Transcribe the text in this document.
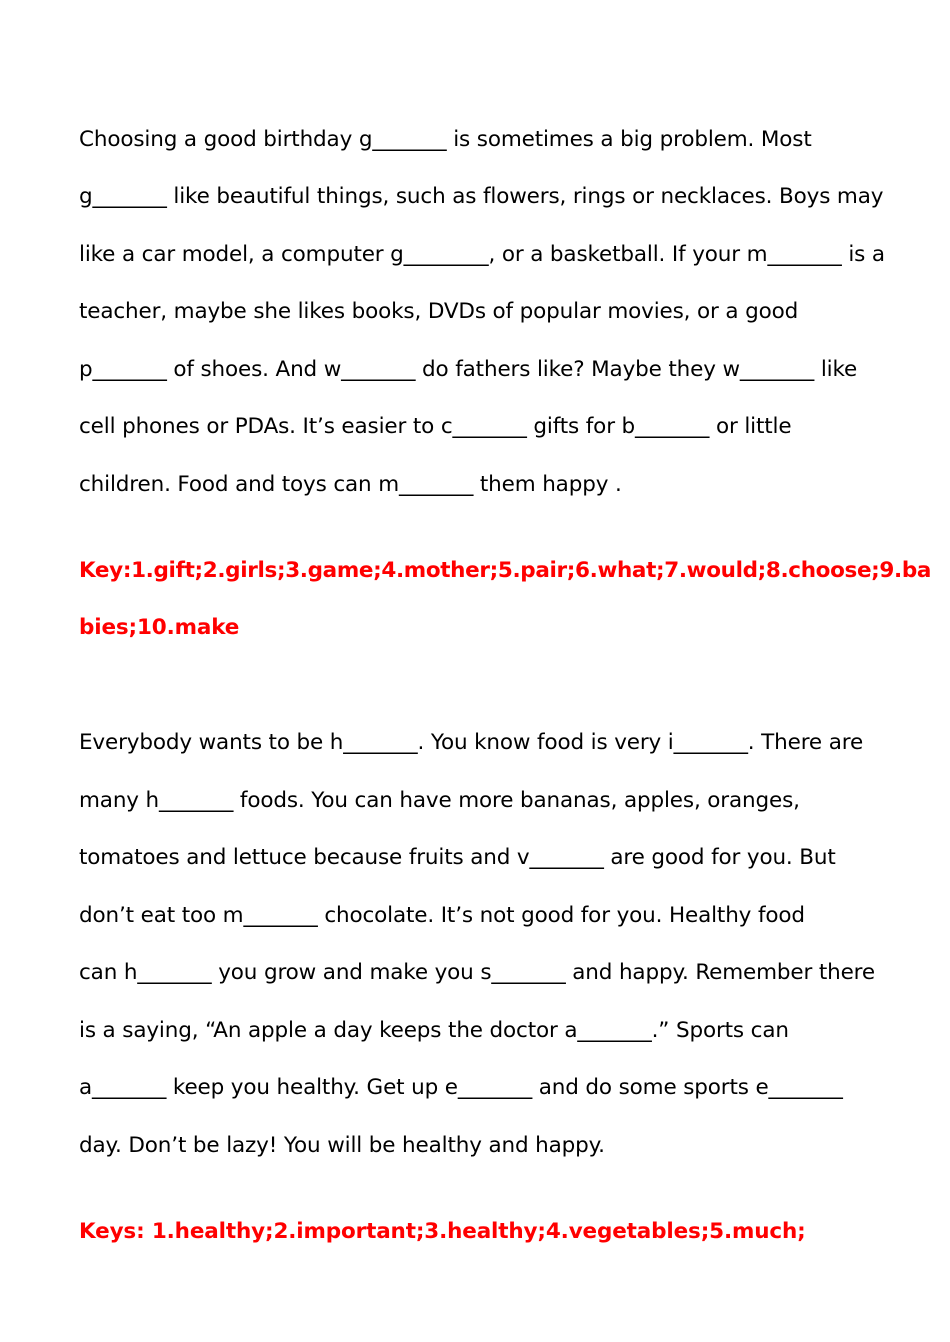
Choosing a good birthday g_______ is sometimes a big problem. Most
g_______ like beautiful things, such as flowers, rings or necklaces. Boys may
like a car model, a computer g________, or a basketball. If your m_______ is a
teacher, maybe she likes books, DVDs of popular movies, or a good
p_______ of shoes. And w_______ do fathers like? Maybe they w_______ like
cell phones or PDAs. It’s easier to c_______ gifts for b_______ or little
children. Food and toys can m_______ them happy .
Key:1.gift;2.girls;3.game;4.mother;5.pair;6.what;7.would;8.choose;9.ba
bies;10.make
Everybody wants to be h_______. You know food is very i_______. There are
many h_______ foods. You can have more bananas, apples, oranges,
tomatoes and lettuce because fruits and v_______ are good for you. But
don’t eat too m_______ chocolate. It’s not good for you. Healthy food
can h_______ you grow and make you s_______ and happy. Remember there
is a saying, “An apple a day keeps the doctor a_______.” Sports can
a_______ keep you healthy. Get up e_______ and do some sports e_______
day. Don’t be lazy! You will be healthy and happy.
Keys: 1.healthy;2.important;3.healthy;4.vegetables;5.much;
